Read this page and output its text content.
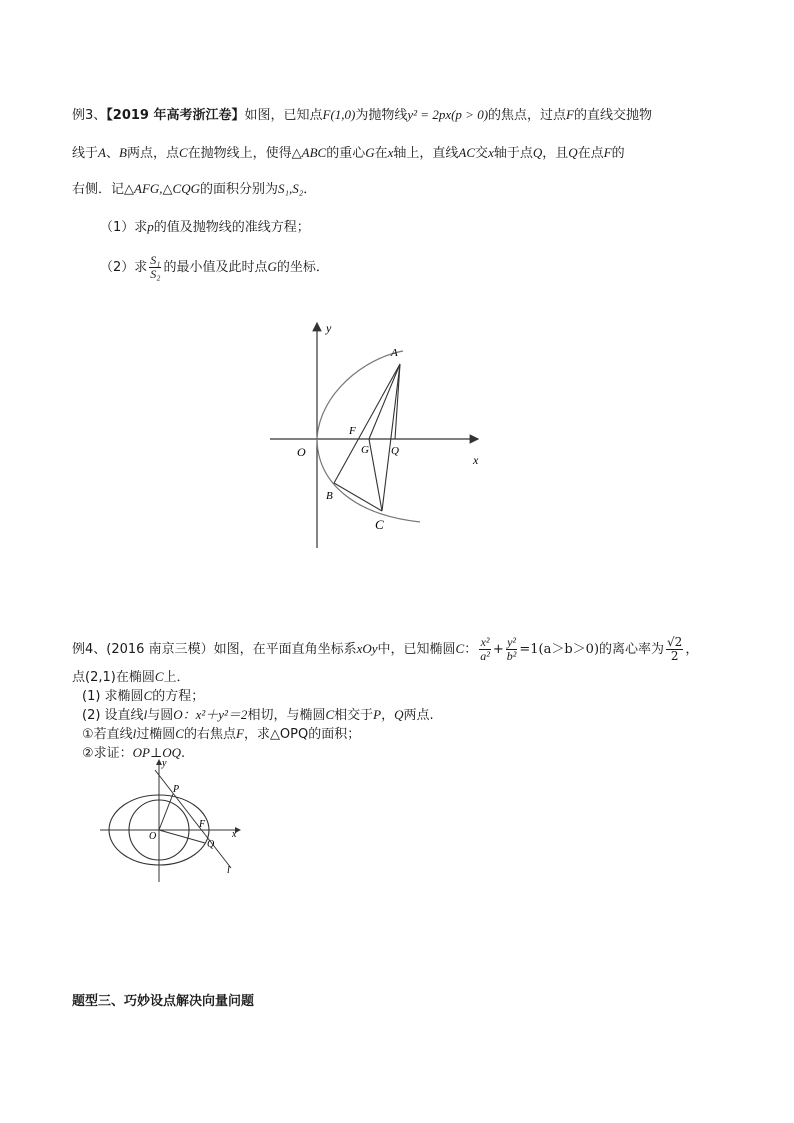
例3、【2019 年高考浙江卷】如图，已知点F(1,0)为抛物线y² = 2px(p > 0)的焦点，过点F的直线交抛物
线于A、B两点，点C在抛物线上，使得△ABC的重心G在x轴上，直线AC交x轴于点Q，且Q在点F的
右侧．记△AFG,△CQG的面积分别为S₁,S₂．
（1）求p的值及抛物线的准线方程；
（2）求 $\frac{\text{S₁}}{\text{S₂}}$ 的最小值及此时点G的坐标．
y
x
O
A
F
G Q
B
C
例4、(2016 南京三模）如图，在平面直角坐标系xOy中，已知椭圆C： $\frac{\text{x²}}{\text{a²}} + \frac{\text{y²}}{\text{b²}} =1(a>b>0)$的离心率为 $\frac{√2}{2}$ ，
点(2,1)在椭圆C上．
(1) 求椭圆C的方程；
(2) 设直线l与圆O：x²＋y²＝2相切，与椭圆C相交于P，Q两点.
①若直线l过椭圆C的右焦点F，求△OPQ的面积；
②求证：OP⊥OQ.
y
x
O
P
F
Q
l
题型三、巧妙设点解决向量问题
